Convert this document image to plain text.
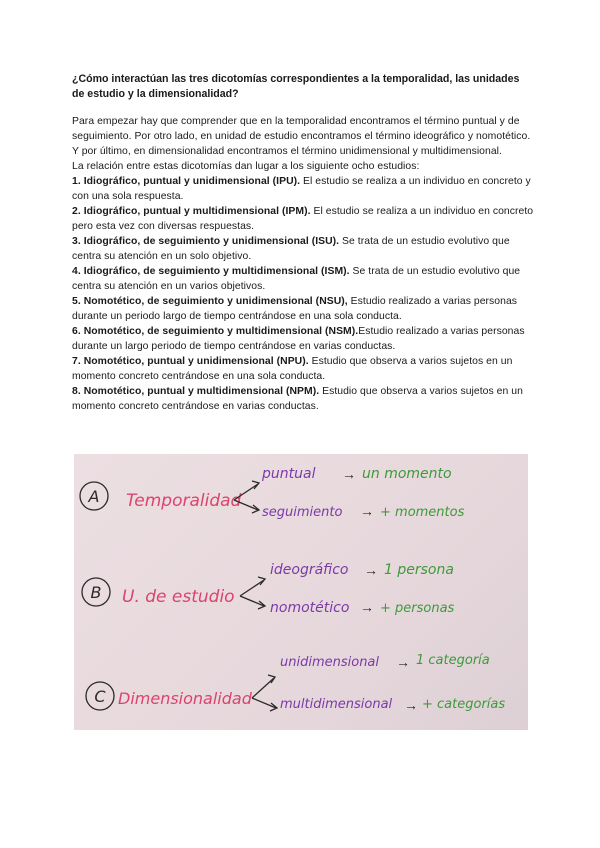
¿Cómo interactúan las tres dicotomías correspondientes a la temporalidad, las unidades de estudio y la dimensionalidad?

Para empezar hay que comprender que en la temporalidad encontramos el término puntual y de seguimiento. Por otro lado, en unidad de estudio encontramos el término ideográfico y nomotético. Y por último, en dimensionalidad encontramos el término unidimensional y multidimensional.

La relación entre estas dicotomías dan lugar a los siguiente ocho estudios:

1. Idiográfico, puntual y unidimensional (IPU). El estudio se realiza a un individuo en concreto y con una sola respuesta.
2. Idiográfico, puntual y multidimensional (IPM). El estudio se realiza a un individuo en concreto pero esta vez con diversas respuestas.
3. Idiográfico, de seguimiento y unidimensional (ISU). Se trata de un estudio evolutivo que centra su atención en un solo objetivo.
4. Idiográfico, de seguimiento y multidimensional (ISM). Se trata de un estudio evolutivo que centra su atención en un varios objetivos.
5. Nomotético, de seguimiento y unidimensional (NSU), Estudio realizado a varias personas durante un periodo largo de tiempo centrándose en una sola conducta.
6. Nomotético, de seguimiento y multidimensional (NSM).Estudio realizado a varias personas durante un largo periodo de tiempo centrándose en varias conductas.
7. Nomotético, puntual y unidimensional (NPU). Estudio que observa a varios sujetos en un momento concreto centrándose en una sola conducta.
8. Nomotético, puntual y multidimensional (NPM). Estudio que observa a varios sujetos en un momento concreto centrándose en varias conductas.
A Temporalidad
puntual → un momento
seguimiento → + momentos
B U. de estudio
ideográfico → 1 persona
nomotético → + personas
C Dimensionalidad
unidimensional → 1 categoría
multidimensional → + categorías
